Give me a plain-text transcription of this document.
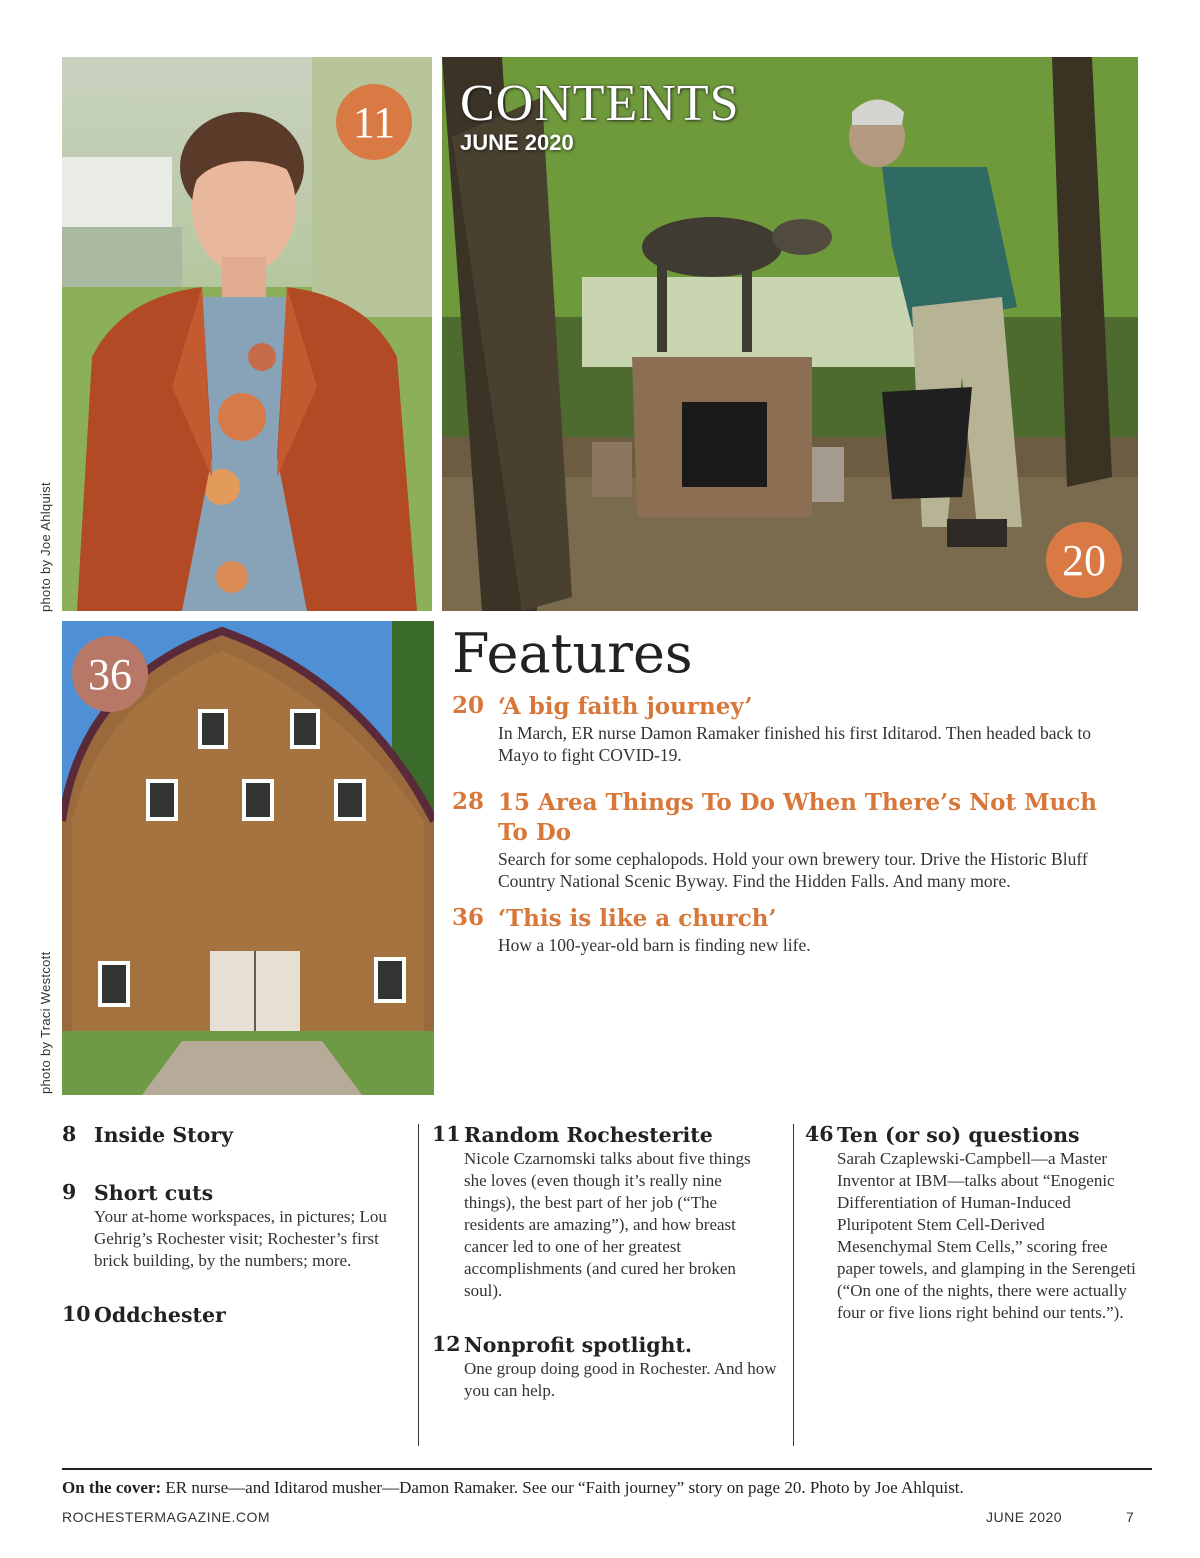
11
photo by Joe Ahlquist
CONTENTS
JUNE 2020
20
36
photo by Traci Westcott
Features
20 ‘A big faith journey’
In March, ER nurse Damon Ramaker finished his first Iditarod. Then headed back to Mayo to fight COVID-19.
28 15 Area Things To Do When There’s Not Much To Do
Search for some cephalopods. Hold your own brewery tour. Drive the Historic Bluff Country National Scenic Byway. Find the Hidden Falls. And many more.
36 ‘This is like a church’
How a 100-year-old barn is finding new life.
8 Inside Story
9 Short cuts
Your at-home workspaces, in pictures; Lou Gehrig’s Rochester visit; Rochester’s first brick building, by the numbers; more.
10 Oddchester
11 Random Rochesterite
Nicole Czarnomski talks about five things she loves (even though it’s really nine things), the best part of her job (“The residents are amazing”), and how breast cancer led to one of her greatest accomplishments (and cured her broken soul).
12 Nonprofit spotlight.
One group doing good in Rochester. And how you can help.
46 Ten (or so) questions
Sarah Czaplewski-Campbell—a Master Inventor at IBM—talks about “Enogenic Differentiation of Human-Induced Pluripotent Stem Cell-Derived Mesenchymal Stem Cells,” scoring free paper towels, and glamping in the Serengeti (“On one of the nights, there were actually four or five lions right behind our tents.”).
On the cover: ER nurse—and Iditarod musher—Damon Ramaker. See our “Faith journey” story on page 20. Photo by Joe Ahlquist.
ROCHESTERMAGAZINE.COM	JUNE 2020	7
